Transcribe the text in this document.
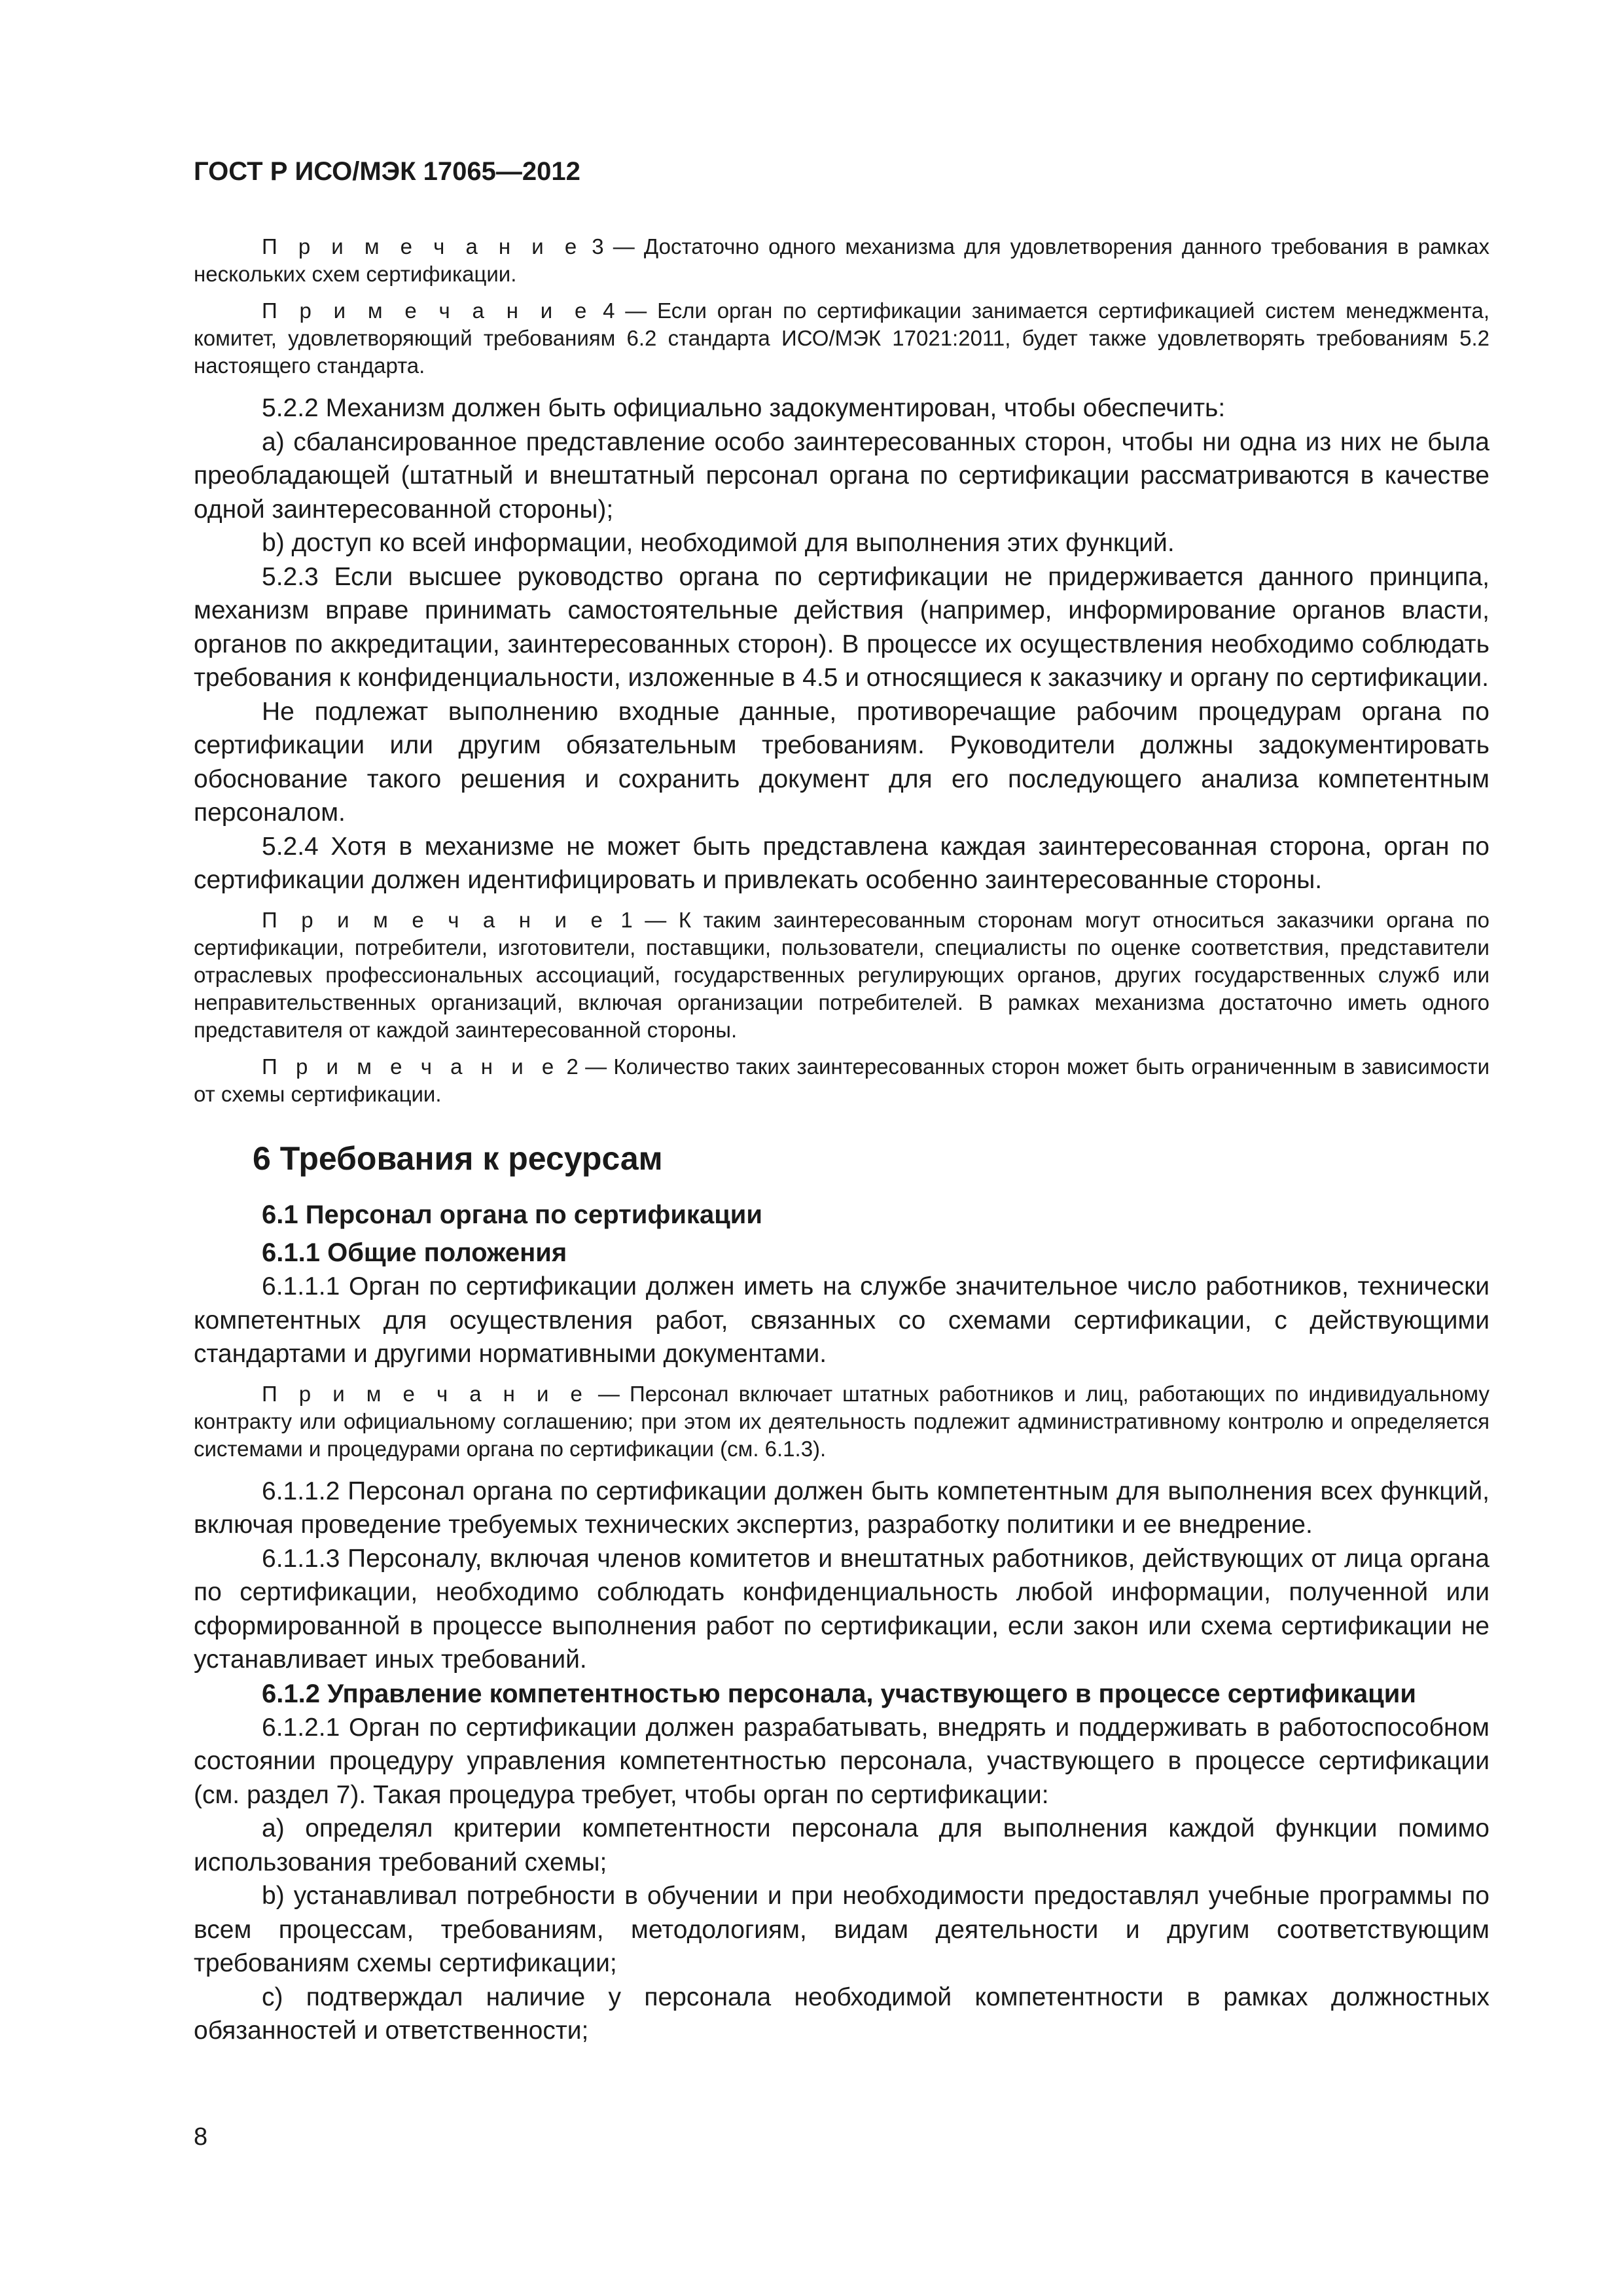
ГОСТ Р ИСО/МЭК 17065—2012

П р и м е ч а н и е 3 — Достаточно одного механизма для удовлетворения данного требования в рамках нескольких схем сертификации.

П р и м е ч а н и е 4 — Если орган по сертификации занимается сертификацией систем менеджмента, комитет, удовлетворяющий требованиям 6.2 стандарта ИСО/МЭК 17021:2011, будет также удовлетворять требованиям 5.2 настоящего стандарта.

5.2.2 Механизм должен быть официально задокументирован, чтобы обеспечить:

a) сбалансированное представление особо заинтересованных сторон, чтобы ни одна из них не была преобладающей (штатный и внештатный персонал органа по сертификации рассматриваются в качестве одной заинтересованной стороны);

b) доступ ко всей информации, необходимой для выполнения этих функций.

5.2.3 Если высшее руководство органа по сертификации не придерживается данного принципа, механизм вправе принимать самостоятельные действия (например, информирование органов власти, органов по аккредитации, заинтересованных сторон). В процессе их осуществления необходимо соблюдать требования к конфиденциальности, изложенные в 4.5 и относящиеся к заказчику и органу по сертификации.

Не подлежат выполнению входные данные, противоречащие рабочим процедурам органа по сертификации или другим обязательным требованиям. Руководители должны задокументировать обоснование такого решения и сохранить документ для его последующего анализа компетентным персоналом.

5.2.4 Хотя в механизме не может быть представлена каждая заинтересованная сторона, орган по сертификации должен идентифицировать и привлекать особенно заинтересованные стороны.

П р и м е ч а н и е 1 — К таким заинтересованным сторонам могут относиться заказчики органа по сертификации, потребители, изготовители, поставщики, пользователи, специалисты по оценке соответствия, представители отраслевых профессиональных ассоциаций, государственных регулирующих органов, других государственных служб или неправительственных организаций, включая организации потребителей. В рамках механизма достаточно иметь одного представителя от каждой заинтересованной стороны.

П р и м е ч а н и е 2 — Количество таких заинтересованных сторон может быть ограниченным в зависимости от схемы сертификации.

6 Требования к ресурсам

6.1 Персонал органа по сертификации

6.1.1 Общие положения

6.1.1.1 Орган по сертификации должен иметь на службе значительное число работников, технически компетентных для осуществления работ, связанных со схемами сертификации, с действующими стандартами и другими нормативными документами.

П р и м е ч а н и е — Персонал включает штатных работников и лиц, работающих по индивидуальному контракту или официальному соглашению; при этом их деятельность подлежит административному контролю и определяется системами и процедурами органа по сертификации (см. 6.1.3).

6.1.1.2 Персонал органа по сертификации должен быть компетентным для выполнения всех функций, включая проведение требуемых технических экспертиз, разработку политики и ее внедрение.

6.1.1.3 Персоналу, включая членов комитетов и внештатных работников, действующих от лица органа по сертификации, необходимо соблюдать конфиденциальность любой информации, полученной или сформированной в процессе выполнения работ по сертификации, если закон или схема сертификации не устанавливает иных требований.

6.1.2 Управление компетентностью персонала, участвующего в процессе сертификации

6.1.2.1 Орган по сертификации должен разрабатывать, внедрять и поддерживать в работоспособном состоянии процедуру управления компетентностью персонала, участвующего в процессе сертификации (см. раздел 7). Такая процедура требует, чтобы орган по сертификации:

a) определял критерии компетентности персонала для выполнения каждой функции помимо использования требований схемы;

b) устанавливал потребности в обучении и при необходимости предоставлял учебные программы по всем процессам, требованиям, методологиям, видам деятельности и другим соответствующим требованиям схемы сертификации;

c) подтверждал наличие у персонала необходимой компетентности в рамках должностных обязанностей и ответственности;

8
